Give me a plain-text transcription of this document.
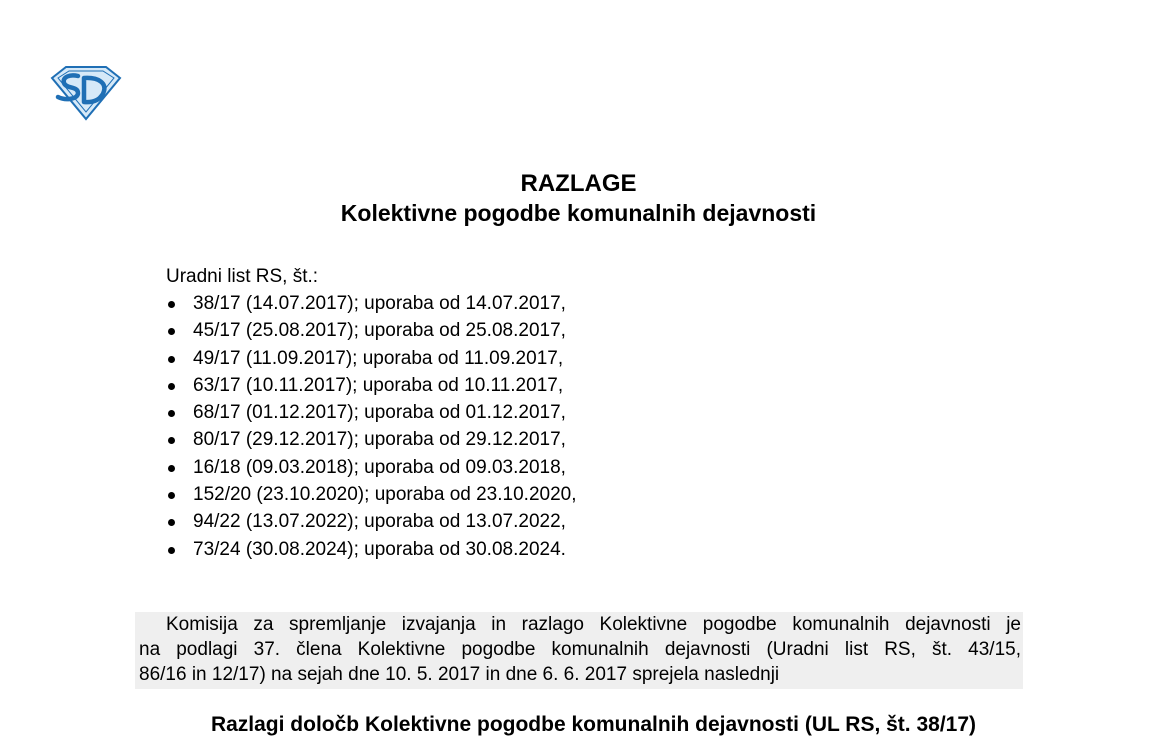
RAZLAGE

Kolektivne pogodbe komunalnih dejavnosti

Uradni list RS, št.:
38/17 (14.07.2017); uporaba od 14.07.2017,
45/17 (25.08.2017); uporaba od 25.08.2017,
49/17 (11.09.2017); uporaba od 11.09.2017,
63/17 (10.11.2017); uporaba od 10.11.2017,
68/17 (01.12.2017); uporaba od 01.12.2017,
80/17 (29.12.2017); uporaba od 29.12.2017,
16/18 (09.03.2018); uporaba od 09.03.2018,
152/20 (23.10.2020); uporaba od 23.10.2020,
94/22 (13.07.2022); uporaba od 13.07.2022,
73/24 (30.08.2024); uporaba od 30.08.2024.
Komisija za spremljanje izvajanja in razlago Kolektivne pogodbe komunalnih dejavnosti je
na podlagi 37. člena Kolektivne pogodbe komunalnih dejavnosti (Uradni list RS, št. 43/15,
86/16 in 12/17) na sejah dne 10. 5. 2017 in dne 6. 6. 2017 sprejela naslednji
Razlagi določb Kolektivne pogodbe komunalnih dejavnosti (UL RS, št. 38/17)
